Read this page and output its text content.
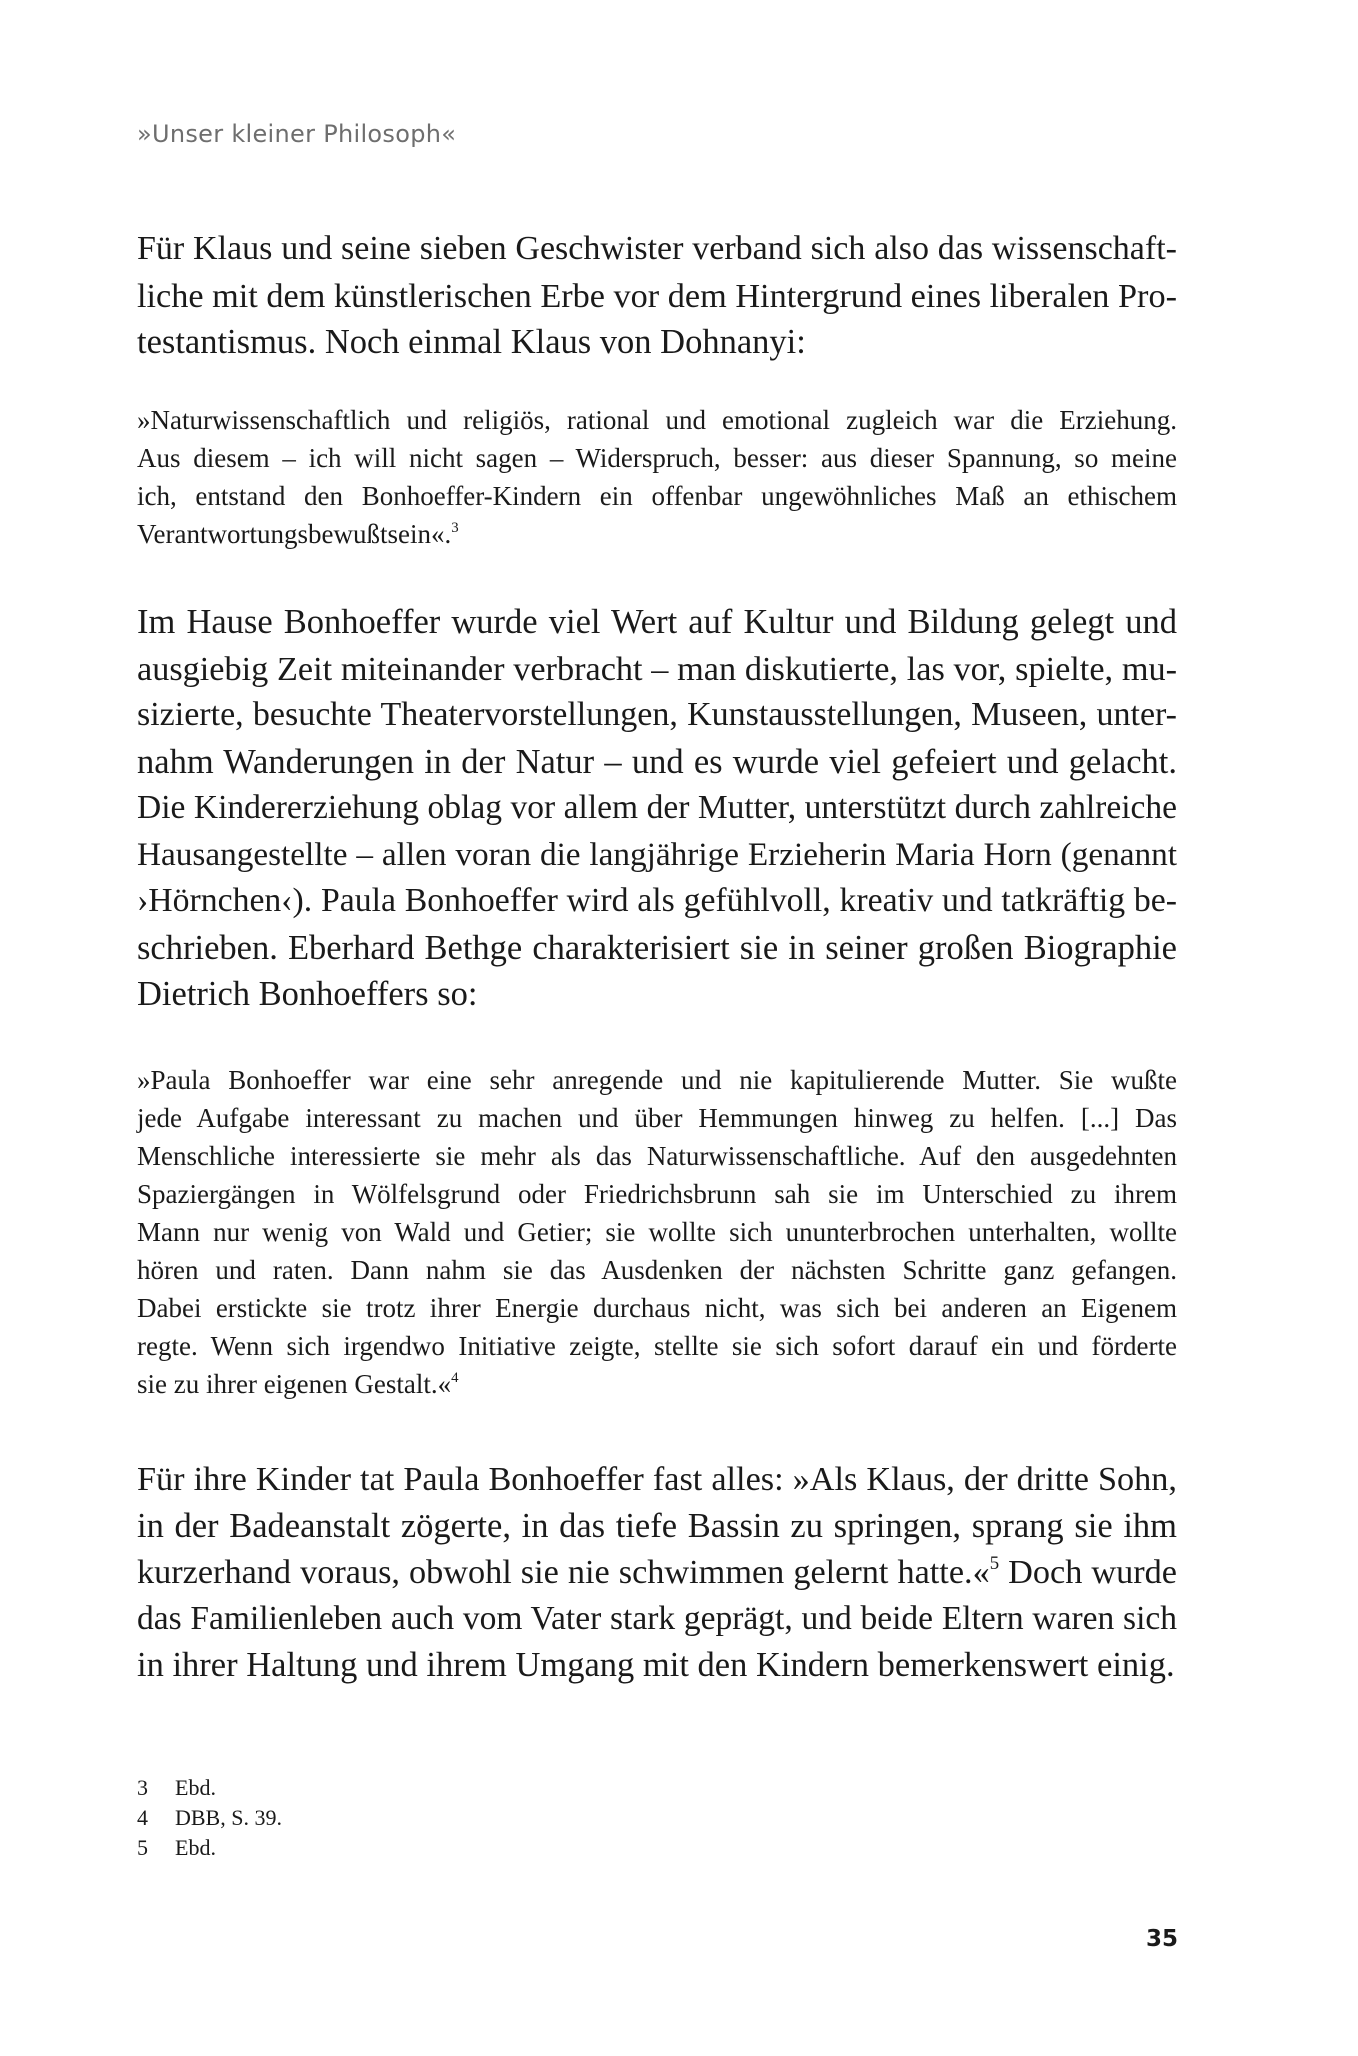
»Unser kleiner Philosoph«

Für Klaus und seine sieben Geschwister verband sich also das wissenschaft-
liche mit dem künstlerischen Erbe vor dem Hintergrund eines liberalen Pro-
testantismus. Noch einmal Klaus von Dohnanyi:

»Naturwissenschaftlich und religiös, rational und emotional zugleich war die Erziehung.
Aus diesem – ich will nicht sagen – Widerspruch, besser: aus dieser Spannung, so meine
ich, entstand den Bonhoeffer-Kindern ein offenbar ungewöhnliches Maß an ethischem
Verantwortungsbewußtsein«.$^3$

Im Hause Bonhoeffer wurde viel Wert auf Kultur und Bildung gelegt und
ausgiebig Zeit miteinander verbracht – man diskutierte, las vor, spielte, mu-
sizierte, besuchte Theatervorstellungen, Kunstausstellungen, Museen, unter-
nahm Wanderungen in der Natur – und es wurde viel gefeiert und gelacht.
Die Kindererziehung oblag vor allem der Mutter, unterstützt durch zahlreiche
Hausangestellte – allen voran die langjährige Erzieherin Maria Horn (genannt
›Hörnchen‹). Paula Bonhoeffer wird als gefühlvoll, kreativ und tatkräftig be-
schrieben. Eberhard Bethge charakterisiert sie in seiner großen Biographie
Dietrich Bonhoeffers so:

»Paula Bonhoeffer war eine sehr anregende und nie kapitulierende Mutter. Sie wußte
jede Aufgabe interessant zu machen und über Hemmungen hinweg zu helfen. [...] Das
Menschliche interessierte sie mehr als das Naturwissenschaftliche. Auf den ausgedehnten
Spaziergängen in Wölfelsgrund oder Friedrichsbrunn sah sie im Unterschied zu ihrem
Mann nur wenig von Wald und Getier; sie wollte sich ununterbrochen unterhalten, wollte
hören und raten. Dann nahm sie das Ausdenken der nächsten Schritte ganz gefangen.
Dabei erstickte sie trotz ihrer Energie durchaus nicht, was sich bei anderen an Eigenem
regte. Wenn sich irgendwo Initiative zeigte, stellte sie sich sofort darauf ein und förderte
sie zu ihrer eigenen Gestalt.«$^4$

Für ihre Kinder tat Paula Bonhoeffer fast alles: »Als Klaus, der dritte Sohn,
in der Badeanstalt zögerte, in das tiefe Bassin zu springen, sprang sie ihm
kurzerhand voraus, obwohl sie nie schwimmen gelernt hatte.«$^5$ Doch wurde
das Familienleben auch vom Vater stark geprägt, und beide Eltern waren sich
in ihrer Haltung und ihrem Umgang mit den Kindern bemerkenswert einig.

3	Ebd.
4	DBB, S. 39.
5	Ebd.
35
